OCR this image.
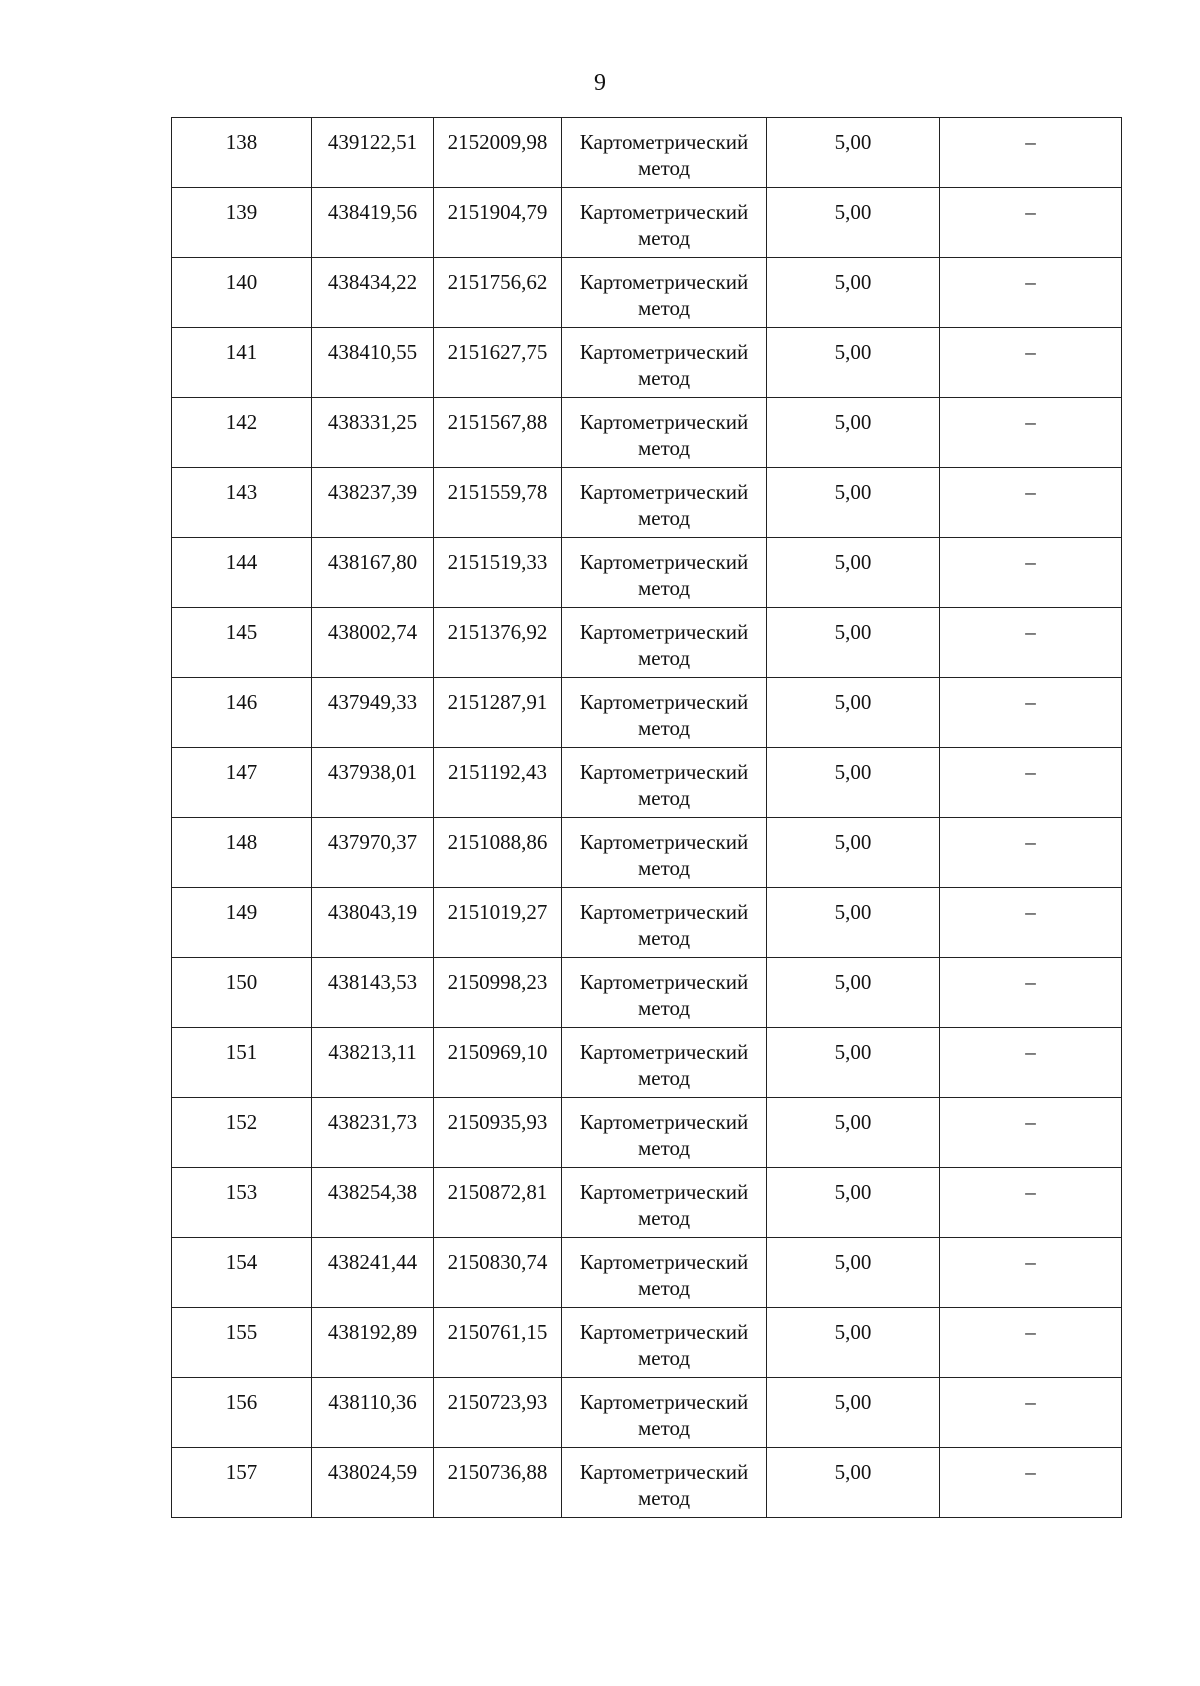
9
138	439122,51	2152009,98	Картометрический метод	5,00	–
139	438419,56	2151904,79	Картометрический метод	5,00	–
140	438434,22	2151756,62	Картометрический метод	5,00	–
141	438410,55	2151627,75	Картометрический метод	5,00	–
142	438331,25	2151567,88	Картометрический метод	5,00	–
143	438237,39	2151559,78	Картометрический метод	5,00	–
144	438167,80	2151519,33	Картометрический метод	5,00	–
145	438002,74	2151376,92	Картометрический метод	5,00	–
146	437949,33	2151287,91	Картометрический метод	5,00	–
147	437938,01	2151192,43	Картометрический метод	5,00	–
148	437970,37	2151088,86	Картометрический метод	5,00	–
149	438043,19	2151019,27	Картометрический метод	5,00	–
150	438143,53	2150998,23	Картометрический метод	5,00	–
151	438213,11	2150969,10	Картометрический метод	5,00	–
152	438231,73	2150935,93	Картометрический метод	5,00	–
153	438254,38	2150872,81	Картометрический метод	5,00	–
154	438241,44	2150830,74	Картометрический метод	5,00	–
155	438192,89	2150761,15	Картометрический метод	5,00	–
156	438110,36	2150723,93	Картометрический метод	5,00	–
157	438024,59	2150736,88	Картометрический метод	5,00	–
